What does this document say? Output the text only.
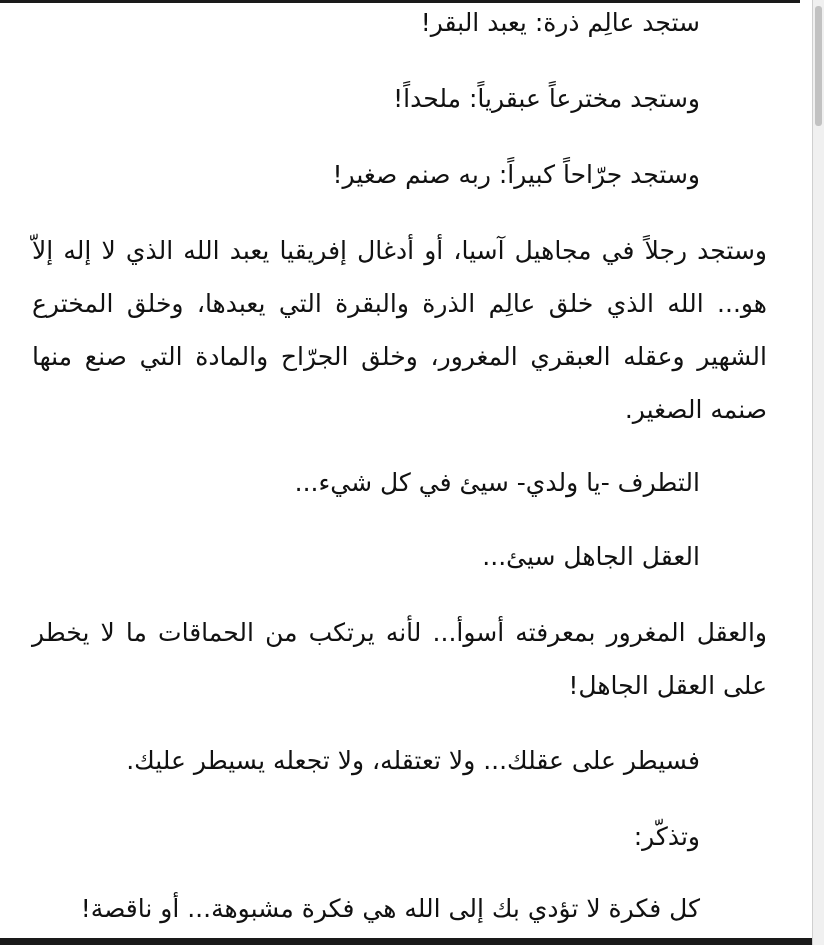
ستجد عالِم ذرة: يعبد البقر!
وستجد مخترعاً عبقرياً: ملحداً!
وستجد جرّاحاً كبيراً: ربه صنم صغير!
وستجد رجلاً في مجاهيل آسيا، أو أدغال إفريقيا يعبد الله الذي لا إله إلاّ هو... الله الذي خلق عالِم الذرة والبقرة التي يعبدها، وخلق المخترع الشهير وعقله العبقري المغرور، وخلق الجرّاح والمادة التي صنع منها صنمه الصغير.
التطرف -يا ولدي- سيئ في كل شيء...
العقل الجاهل سيئ...
والعقل المغرور بمعرفته أسوأ... لأنه يرتكب من الحماقات ما لا يخطر على العقل الجاهل!
فسيطر على عقلك... ولا تعتقله، ولا تجعله يسيطر عليك.
وتذكّر:
كل فكرة لا تؤدي بك إلى الله هي فكرة مشبوهة... أو ناقصة!
